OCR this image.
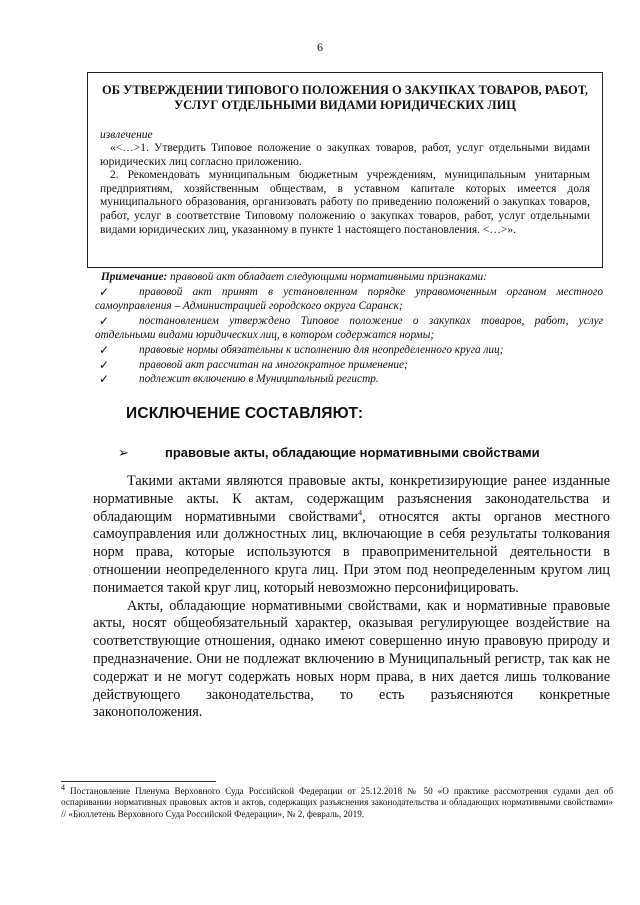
6
ОБ УТВЕРЖДЕНИИ ТИПОВОГО ПОЛОЖЕНИЯ О ЗАКУПКАХ ТОВАРОВ, РАБОТ, УСЛУГ ОТДЕЛЬНЫМИ ВИДАМИ ЮРИДИЧЕСКИХ ЛИЦ
извлечение

«<…>1. Утвердить Типовое положение о закупках товаров, работ, услуг отдельными видами юридических лиц согласно приложению.

2. Рекомендовать муниципальным бюджетным учреждениям, муниципальным унитарным предприятиям, хозяйственным обществам, в уставном капитале которых имеется доля муниципального образования, организовать работу по приведению положений о закупках товаров, работ, услуг в соответствие Типовому положению о закупках товаров, работ, услуг отдельными видами юридических лиц, указанному в пункте 1 настоящего постановления. <…>».

Примечание: правовой акт обладает следующими нормативными признаками:
✓	правовой акт принят в установленном порядке управомоченным органом местного самоуправления – Администрацией городского округа Саранск;
✓	постановлением утверждено Типовое положение о закупках товаров, работ, услуг отдельными видами юридических лиц, в котором содержатся нормы;
✓	правовые нормы обязательны к исполнению для неопределенного круга лиц;
✓	правовой акт рассчитан на многократное применение;
✓	подлежит включению в Муниципальный регистр.
ИСКЛЮЧЕНИЕ СОСТАВЛЯЮТ:
➢	правовые акты, обладающие нормативными свойствами

Такими актами являются правовые акты, конкретизирующие ранее изданные нормативные акты. К актам, содержащим разъяснения законодательства и обладающим нормативными свойствами$^4$, относятся акты органов местного самоуправления или должностных лиц, включающие в себя результаты толкования норм права, которые используются в правоприменительной деятельности в отношении неопределенного круга лиц. При этом под неопределенным кругом лиц понимается такой круг лиц, который невозможно персонифицировать.

Акты, обладающие нормативными свойствами, как и нормативные правовые акты, носят общеобязательный характер, оказывая регулирующее воздействие на соответствующие отношения, однако имеют совершенно иную правовую природу и предназначение. Они не подлежат включению в Муниципальный регистр, так как не содержат и не могут содержать новых норм права, в них дается лишь толкование действующего законодательства, то есть разъясняются конкретные законоположения.

$^4$ Постановление Пленума Верховного Суда Российской Федерации от 25.12.2018 № 50 «О практике рассмотрения судами дел об оспаривании нормативных правовых актов и актов, содержащих разъяснения законодательства и обладающих нормативными свойствами» // «Бюллетень Верховного Суда Российской Федерации», № 2, февраль, 2019.
